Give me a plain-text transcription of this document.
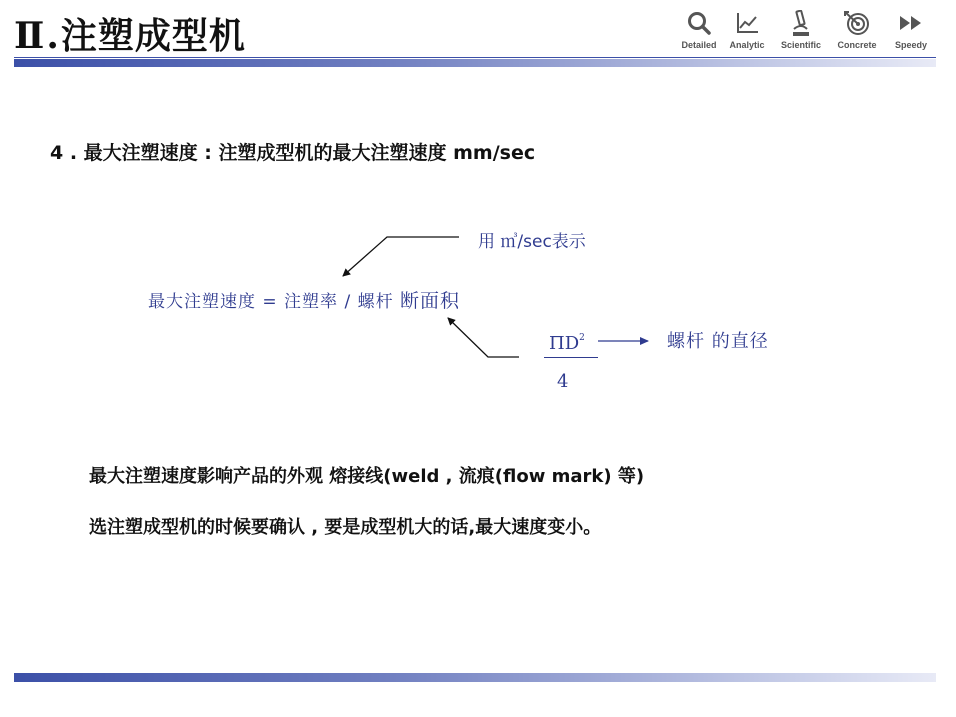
Ⅱ.注塑成型机	Detailed	Analytic	Scientific	Concrete	Speedy
4 . 最大注塑速度 : 注塑成型机的最大注塑速度 mm/sec
用 ㎥/sec表示
最大注塑速度 = 注塑率 / 螺杆 断面积
$\Pi D^2$
4
螺杆 的直径
最大注塑速度影响产品的外观 熔接线(weld , 流痕(flow mark) 等)
选注塑成型机的时候要确认 , 要是成型机大的话,最大速度变小。
